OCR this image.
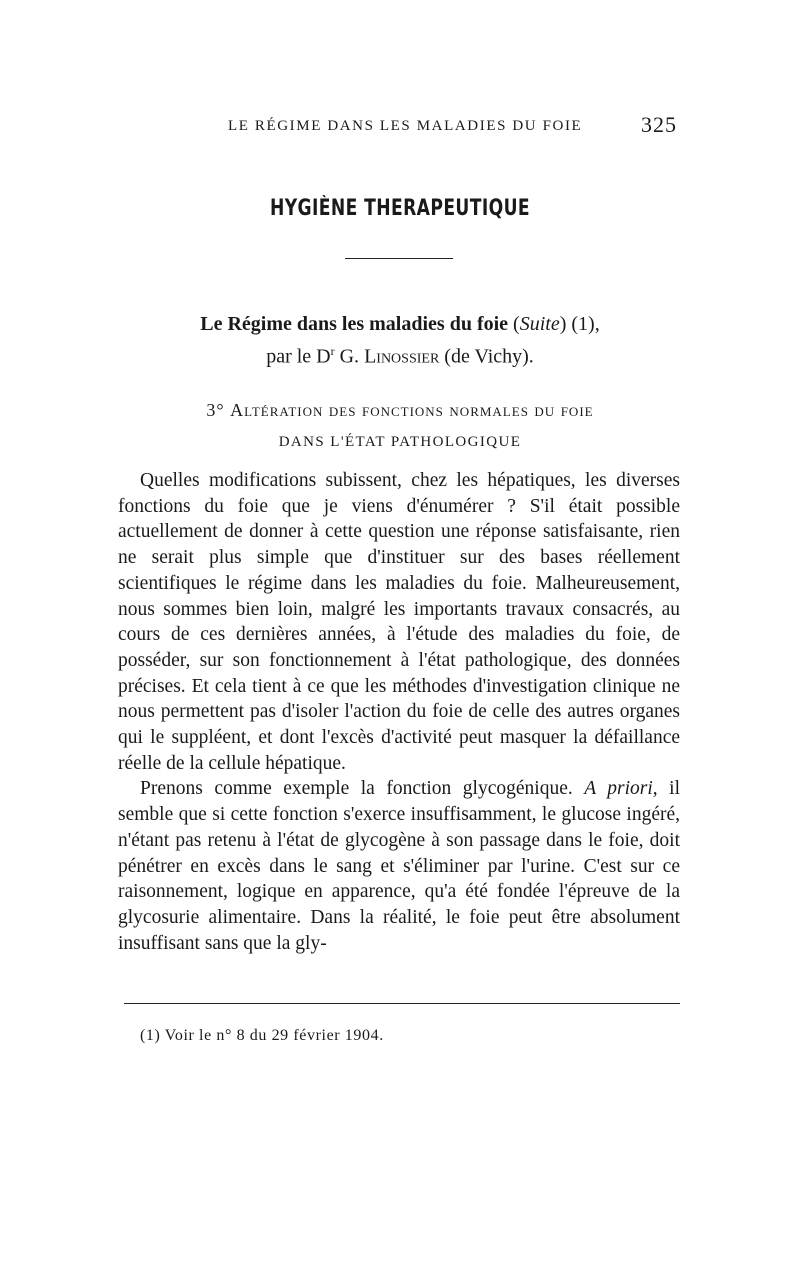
LE RÉGIME DANS LES MALADIES DU FOIE	325
HYGIÈNE THERAPEUTIQUE
Le Régime dans les maladies du foie (Suite) (1),
par le $D^r$ G. Linossier (de Vichy).
3° Altération des fonctions normales du foie
DANS L'ÉTAT PATHOLOGIQUE

Quelles modifications subissent, chez les hépatiques, les diverses fonctions du foie que je viens d'énumérer ? S'il était possible actuellement de donner à cette question une réponse satisfaisante, rien ne serait plus simple que d'instituer sur des bases réellement scientifiques le régime dans les maladies du foie. Malheureusement, nous sommes bien loin, malgré les importants travaux consacrés, au cours de ces dernières années, à l'étude des maladies du foie, de posséder, sur son fonctionnement à l'état pathologique, des données précises. Et cela tient à ce que les méthodes d'investigation clinique ne nous permettent pas d'isoler l'action du foie de celle des autres organes qui le suppléent, et dont l'excès d'activité peut masquer la défaillance réelle de la cellule hépatique.

Prenons comme exemple la fonction glycogénique. A priori, il semble que si cette fonction s'exerce insuffisamment, le glucose ingéré, n'étant pas retenu à l'état de glycogène à son passage dans le foie, doit pénétrer en excès dans le sang et s'éliminer par l'urine. C'est sur ce raisonnement, logique en apparence, qu'a été fondée l'épreuve de la glycosurie alimentaire. Dans la réalité, le foie peut être absolument insuffisant sans que la gly-

(1) Voir le n° 8 du 29 février 1904.
